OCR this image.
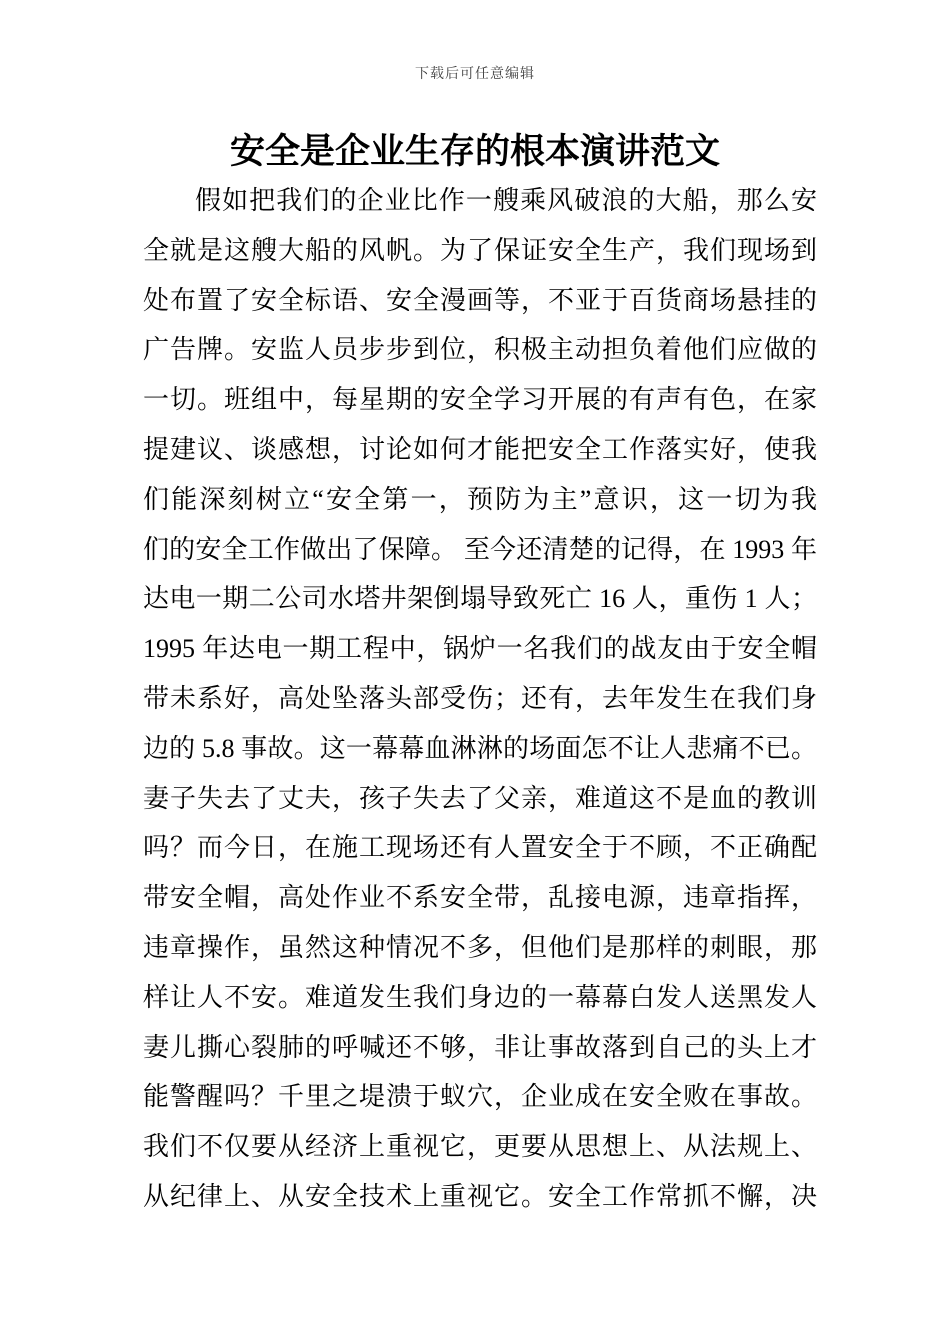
下载后可任意编辑
安全是企业生存的根本演讲范文
假如把我们的企业比作一艘乘风破浪的大船，那么安
全就是这艘大船的风帆。为了保证安全生产，我们现场到
处布置了安全标语、安全漫画等，不亚于百货商场悬挂的
广告牌。安监人员步步到位，积极主动担负着他们应做的
一切。班组中，每星期的安全学习开展的有声有色，在家
提建议、谈感想，讨论如何才能把安全工作落实好，使我
们能深刻树立“安全第一，预防为主”意识，这一切为我
们的安全工作做出了保障。 至今还清楚的记得，在 1993 年
达电一期二公司水塔井架倒塌导致死亡 16 人，重伤 1 人；
1995 年达电一期工程中，锅炉一名我们的战友由于安全帽
带未系好，高处坠落头部受伤；还有，去年发生在我们身
边的 5.8 事故。这一幕幕血淋淋的场面怎不让人悲痛不已。
妻子失去了丈夫，孩子失去了父亲，难道这不是血的教训
吗？而今日，在施工现场还有人置安全于不顾，不正确配
带安全帽，高处作业不系安全带，乱接电源，违章指挥，
违章操作，虽然这种情况不多，但他们是那样的刺眼，那
样让人不安。难道发生我们身边的一幕幕白发人送黑发人
妻儿撕心裂肺的呼喊还不够，非让事故落到自己的头上才
能警醒吗？千里之堤溃于蚁穴，企业成在安全败在事故。
我们不仅要从经济上重视它，更要从思想上、从法规上、
从纪律上、从安全技术上重视它。安全工作常抓不懈，决
